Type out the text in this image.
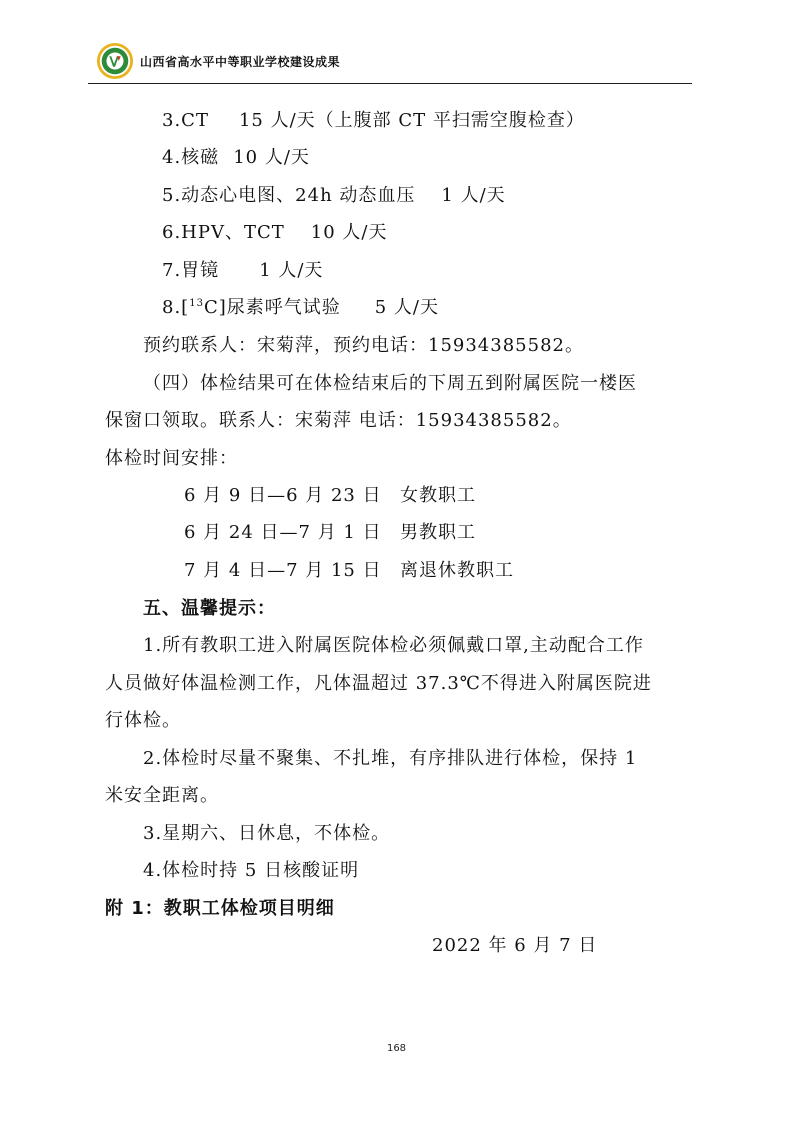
山西省高水平中等职业学校建设成果
3.CT 15 人/天（上腹部 CT 平扫需空腹检查）
4.核磁 10 人/天
5.动态心电图、24h 动态血压 1 人/天
6.HPV、TCT 10 人/天
7.胃镜 1 人/天
8.[$^{13}$C]尿素呼气试验 5 人/天
预约联系人：宋菊萍，预约电话：15934385582。
（四）体检结果可在体检结束后的下周五到附属医院一楼医
保窗口领取。联系人：宋菊萍 电话：15934385582。
体检时间安排：
6 月 9 日—6 月 23 日 女教职工
6 月 24 日—7 月 1 日 男教职工
7 月 4 日—7 月 15 日 离退休教职工
五、温馨提示：
1.所有教职工进入附属医院体检必须佩戴口罩,主动配合工作
人员做好体温检测工作，凡体温超过 37.3℃不得进入附属医院进
行体检。
2.体检时尽量不聚集、不扎堆，有序排队进行体检，保持 1
米安全距离。
3.星期六、日休息，不体检。
4.体检时持 5 日核酸证明
附 1：教职工体检项目明细
2022 年 6 月 7 日
168
